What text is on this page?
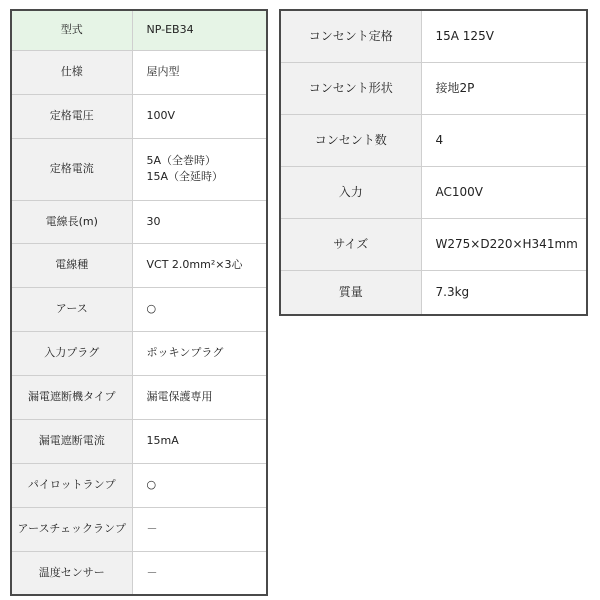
型式	NP-EB34
仕様	屋内型
定格電圧	100V
定格電流	5A（全巻時）
15A（全延時）

電線長(m)	30
電線種	VCT 2.0mm²×3心
アース	○
入力プラグ	ポッキンプラグ
漏電遮断機タイプ	漏電保護専用
漏電遮断電流	15mA
パイロットランプ	○
アースチェックランプ	－
温度センサー	－
コンセント定格	15A 125V
コンセント形状	接地2P
コンセント数	4
入力	AC100V
サイズ	W275×D220×H341mm
質量	7.3kg
